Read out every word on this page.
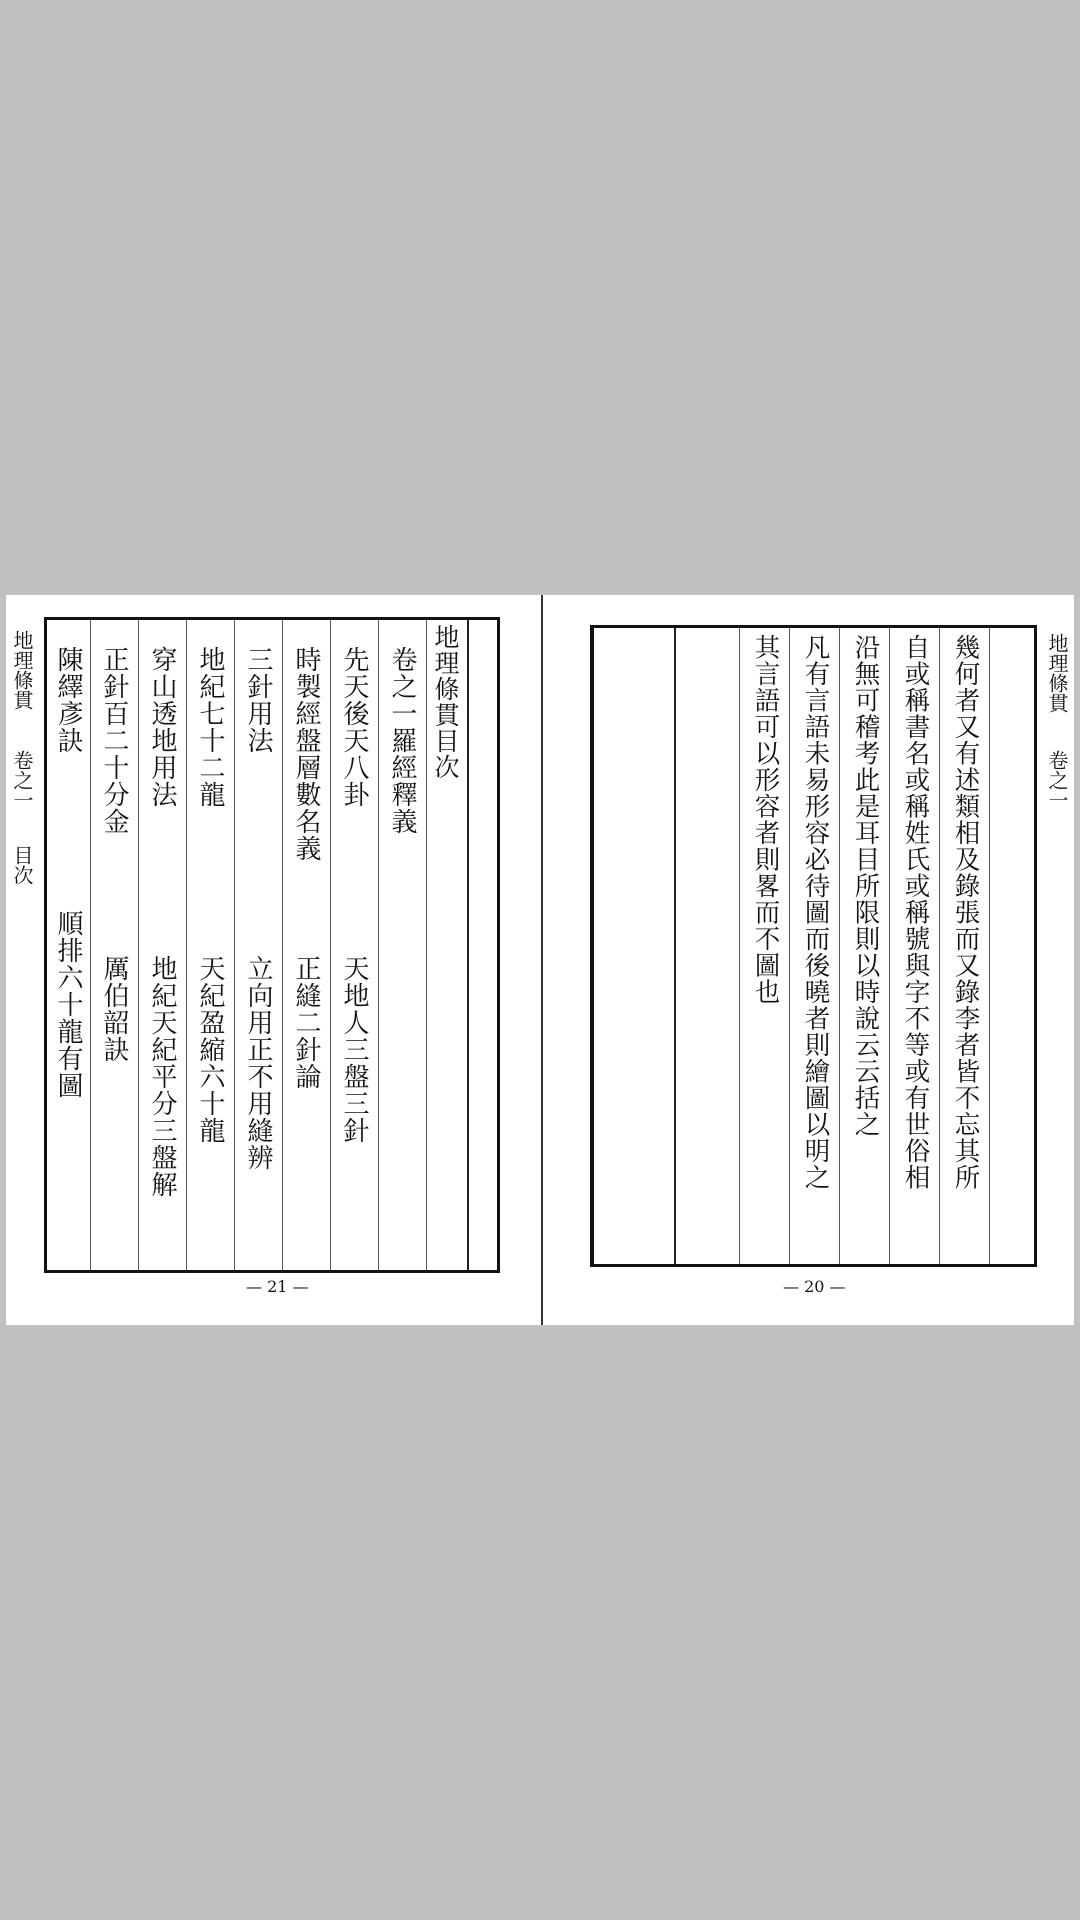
地理條貫
卷之一
目次
地理條貫目次
卷之一羅經釋義
先天後天八卦
天地人三盤三針
時製經盤層數名義
正縫二針論
三針用法
立向用正不用縫辨
地紀七十二龍
天紀盈縮六十龍
穿山透地用法
地紀天紀平分三盤解
正針百二十分金
厲伯韶訣
陳繹彥訣
順排六十龍有圖
— 21 —
幾何者又有述類相及錄張而又錄李者皆不忘其所
自或稱書名或稱姓氏或稱號與字不等或有世俗相
沿無可稽考此是耳目所限則以時說云云括之
凡有言語未易形容必待圖而後曉者則繪圖以明之
其言語可以形容者則畧而不圖也	地理條貫
卷之一
— 20 —
